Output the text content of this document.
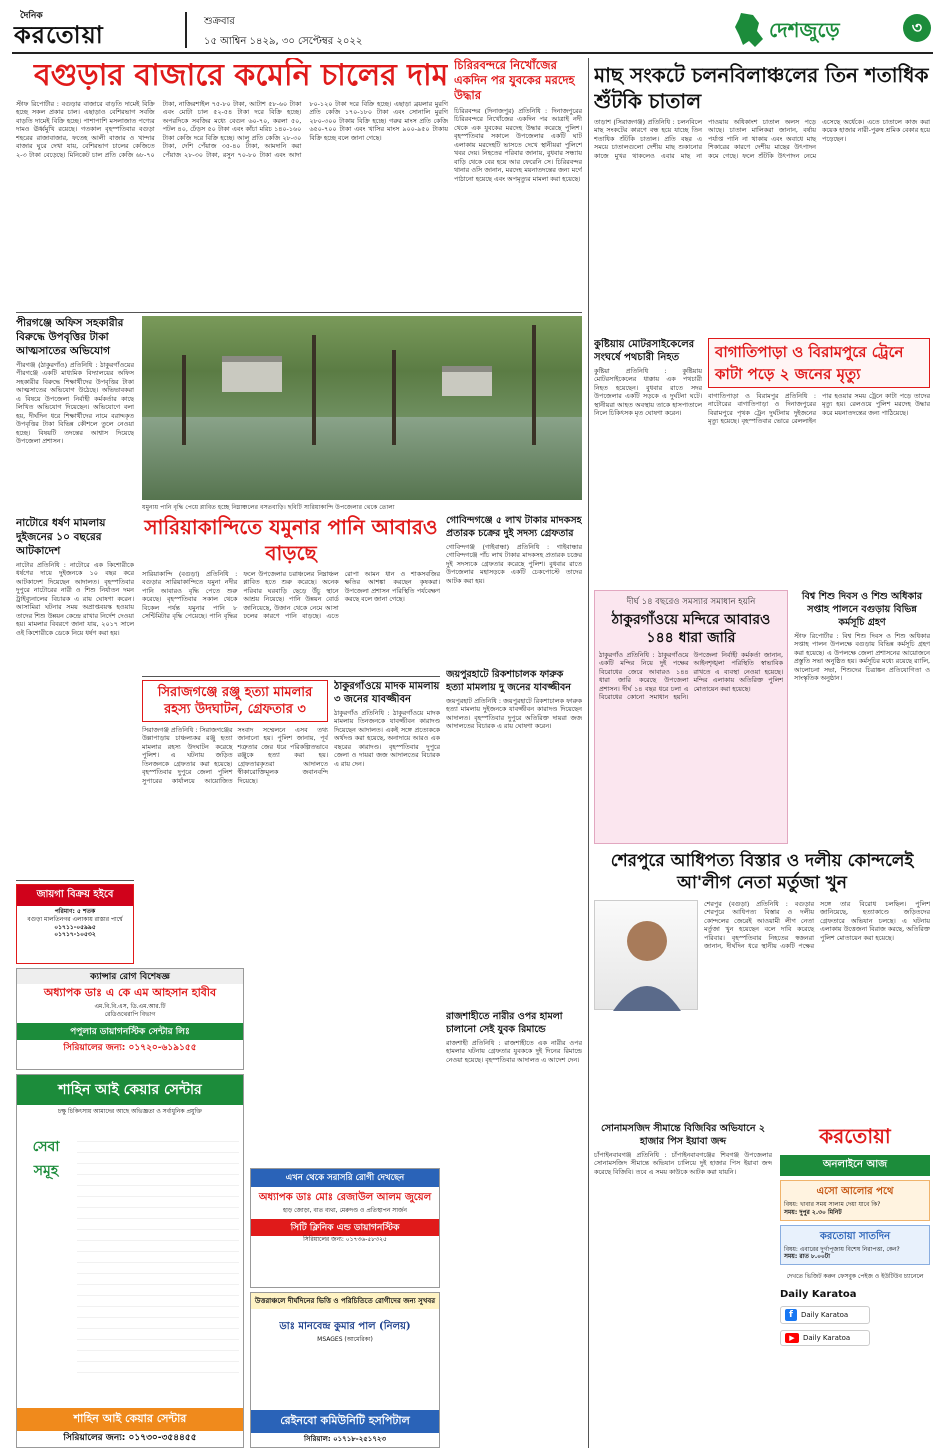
দৈনিক
করতোয়া	শুক্রবার
১৫ আশ্বিন ১৪২৯, ৩০ সেপ্টেম্বর ২০২২	দেশজুড়ে	৩
বগুড়ার বাজারে কমেনি চালের দাম
স্টাফ রিপোর্টার : বগুড়ার বাজারে বাড়তি দামেই বিক্রি হচ্ছে সকল প্রকার চাল। এছাড়াও বেশিরভাগ সবজি বাড়তি দামেই বিক্রি হচ্ছে। পাশাপাশি মসলাজাত পণ্যের দামও ঊর্ধ্বমুখি রয়েছে। গতকাল বৃহস্পতিবার বগুড়া শহরের রাজাবাজার, ফতেহ আলী বাজার ও খান্দার বাজার ঘুরে দেখা যায়, বেশিরভাগ চালের কেজিতে ২-৩ টাকা বেড়েছে। মিনিকেট চাল প্রতি কেজি ৬৮-৭০ টাকা, নাজিরশাইল ৭৫-৮০ টাকা, আটাশ ৫৮-৬০ টাকা এবং মোটা চাল ৫২-৫৪ টাকা দরে বিক্রি হচ্ছে। অপরদিকে সবজির মধ্যে বেগুন ৬০-৭০, করলা ৫০, পটল ৪০, ঢেঁড়স ৫০ টাকা এবং কাঁচা মরিচ ১৪০-১৬০ টাকা কেজি দরে বিক্রি হচ্ছে। আলু প্রতি কেজি ২৮-৩০ টাকা, দেশি পেঁয়াজ ৩৫-৪০ টাকা, আমদানি করা পেঁয়াজ ২৮-৩০ টাকা, রসুন ৭০-৮০ টাকা এবং আদা ৮০-১২০ টাকা দরে বিক্রি হচ্ছে। এছাড়া ব্রয়লার মুরগি প্রতি কেজি ১৭০-১৮০ টাকা এবং সোনালি মুরগি ২৮০-৩০০ টাকায় বিক্রি হচ্ছে। গরুর মাংস প্রতি কেজি ৬৫০-৭০০ টাকা এবং খাসির মাংস ৯০০-৯৫০ টাকায় বিক্রি হচ্ছে বলে জানা গেছে।
চিরিরবন্দরে নিখোঁজের একদিন পর যুবকের মরদেহ উদ্ধার
চিরিরবন্দর (দিনাজপুর) প্রতিনিধি : দিনাজপুরের চিরিরবন্দরে নিখোঁজের একদিন পর আত্রাই নদী থেকে এক যুবকের মরদেহ উদ্ধার করেছে পুলিশ। বৃহস্পতিবার সকালে উপজেলার একটি ঘাট এলাকায় মরদেহটি ভাসতে দেখে স্থানীয়রা পুলিশে খবর দেয়। নিহতের পরিবার জানায়, বুধবার সন্ধ্যায় বাড়ি থেকে বের হয়ে আর ফেরেনি সে। চিরিরবন্দর থানার ওসি জানান, মরদেহ ময়নাতদন্তের জন্য মর্গে পাঠানো হয়েছে এবং অপমৃত্যুর মামলা করা হয়েছে।
মাছ সংকটে চলনবিলাঞ্চলের তিন শতাধিক শুঁটকি চাতাল
তাড়াশ (সিরাজগঞ্জ) প্রতিনিধি : চলনবিলে মাছ সংকটের কারণে বন্ধ হয়ে যাচ্ছে তিন শতাধিক শুঁটকি চাতাল। প্রতি বছর এ সময়ে চাতালগুলো দেশীয় মাছ শুকানোর কাজে মুখর থাকলেও এবার মাছ না পাওয়ায় অধিকাংশ চাতাল অলস পড়ে আছে। চাতাল মালিকরা জানান, বর্ষায় পর্যাপ্ত পানি না থাকায় এবং অবাধে মাছ শিকারের কারণে দেশীয় মাছের উৎপাদন কমে গেছে। ফলে শুঁটকি উৎপাদন নেমে এসেছে অর্ধেকে। এতে চাতালে কাজ করা কয়েক হাজার নারী-পুরুষ শ্রমিক বেকার হয়ে পড়েছেন।
পীরগঞ্জে অফিস সহকারীর বিরুদ্ধে উপবৃত্তির টাকা আত্মসাতের অভিযোগ
পীরগঞ্জ (ঠাকুরগাঁও) প্রতিনিধি : ঠাকুরগাঁওয়ের পীরগঞ্জে একটি মাধ্যমিক বিদ্যালয়ের অফিস সহকারীর বিরুদ্ধে শিক্ষার্থীদের উপবৃত্তির টাকা আত্মসাতের অভিযোগ উঠেছে। অভিভাবকরা এ বিষয়ে উপজেলা নির্বাহী কর্মকর্তার কাছে লিখিত অভিযোগ দিয়েছেন। অভিযোগে বলা হয়, দীর্ঘদিন ধরে শিক্ষার্থীদের নামে বরাদ্দকৃত উপবৃত্তির টাকা বিভিন্ন কৌশলে তুলে নেওয়া হচ্ছে। বিষয়টি তদন্তের আশ্বাস দিয়েছে উপজেলা প্রশাসন।
যমুনায় পানি বৃদ্ধি পেয়ে প্লাবিত হচ্ছে নিম্নাঞ্চলের বসতবাড়ি। ছবিটি সারিয়াকান্দি উপজেলার থেকে তোলা
কুষ্টিয়ায় মোটরসাইকেলের সংঘর্ষে পথচারী নিহত
কুষ্টিয়া প্রতিনিধি : কুষ্টিয়ায় মোটরসাইকেলের ধাক্কায় এক পথচারী নিহত হয়েছেন। বুধবার রাতে সদর উপজেলার একটি সড়কে এ দুর্ঘটনা ঘটে। স্থানীয়রা আহত অবস্থায় তাকে হাসপাতালে নিলে চিকিৎসক মৃত ঘোষণা করেন।
বাগাতিপাড়া ও বিরামপুরে ট্রেনে কাটা পড়ে ২ জনের মৃত্যু
বাগাতিপাড়া ও বিরামপুর প্রতিনিধি : নাটোরের বাগাতিপাড়া ও দিনাজপুরের বিরামপুরে পৃথক ট্রেন দুর্ঘটনায় দুইজনের মৃত্যু হয়েছে। বৃহস্পতিবার ভোরে রেললাইন পার হওয়ার সময় ট্রেনে কাটা পড়ে তাদের মৃত্যু হয়। রেলওয়ে পুলিশ মরদেহ উদ্ধার করে ময়নাতদন্তের জন্য পাঠিয়েছে।
নাটোরে ধর্ষণ মামলায় দুইজনের ১০ বছরের আটকাদেশ
নাটোর প্রতিনিধি : নাটোরে এক কিশোরীকে ধর্ষণের দায়ে দুইজনকে ১০ বছর করে আটকাদেশ দিয়েছেন আদালত। বৃহস্পতিবার দুপুরে নাটোরের নারী ও শিশু নির্যাতন দমন ট্রাইব্যুনালের বিচারক এ রায় ঘোষণা করেন। আসামিরা ঘটনার সময় অপ্রাপ্তবয়স্ক হওয়ায় তাদের শিশু উন্নয়ন কেন্দ্রে রাখার নির্দেশ দেওয়া হয়। মামলার বিবরণে জানা যায়, ২০১৭ সালে ওই কিশোরীকে ডেকে নিয়ে ধর্ষণ করা হয়।
সারিয়াকান্দিতে যমুনার পানি আবারও বাড়ছে
সারিয়াকান্দি (বগুড়া) প্রতিনিধি : বগুড়ার সারিয়াকান্দিতে যমুনা নদীর পানি আবারও বৃদ্ধি পেতে শুরু করেছে। বৃহস্পতিবার সকাল থেকে বিকেল পর্যন্ত যমুনার পানি ৮ সেন্টিমিটার বৃদ্ধি পেয়েছে। পানি বৃদ্ধির ফলে উপজেলার চরাঞ্চলের নিম্নাঞ্চল প্লাবিত হতে শুরু করেছে। অনেক পরিবার ঘরবাড়ি ছেড়ে উঁচু স্থানে আশ্রয় নিয়েছে। পানি উন্নয়ন বোর্ড জানিয়েছে, উজান থেকে নেমে আসা ঢলের কারণে পানি বাড়ছে। এতে রোপা আমন ধান ও শাকসবজির ক্ষতির আশঙ্কা করছেন কৃষকরা। উপজেলা প্রশাসন পরিস্থিতি পর্যবেক্ষণ করছে বলে জানা গেছে।
গোবিন্দগঞ্জে ৫ লাখ টাকার মাদকসহ প্রতারক চক্রের দুই সদস্য গ্রেফতার
গোবিন্দগঞ্জ (গাইবান্ধা) প্রতিনিধি : গাইবান্ধার গোবিন্দগঞ্জে পাঁচ লাখ টাকার মাদকসহ প্রতারক চক্রের দুই সদস্যকে গ্রেফতার করেছে পুলিশ। বুধবার রাতে উপজেলার মহাসড়কে একটি চেকপোস্টে তাদের আটক করা হয়।
দীর্ঘ ১৪ বছরেও সমস্যার সমাধান হয়নি
ঠাকুরগাঁওয়ে মন্দিরে আবারও ১৪৪ ধারা জারি
ঠাকুরগাঁও প্রতিনিধি : ঠাকুরগাঁওয়ে একটি মন্দির নিয়ে দুই পক্ষের বিরোধের জেরে আবারও ১৪৪ ধারা জারি করেছে উপজেলা প্রশাসন। দীর্ঘ ১৪ বছর ধরে চলা এ বিরোধের কোনো সমাধান হয়নি। উপজেলা নির্বাহী কর্মকর্তা জানান, আইনশৃঙ্খলা পরিস্থিতি স্বাভাবিক রাখতে এ ব্যবস্থা নেওয়া হয়েছে। মন্দির এলাকায় অতিরিক্ত পুলিশ মোতায়েন করা হয়েছে।
বিশ্ব শিশু দিবস ও শিশু অধিকার সপ্তাহ পালনে বগুড়ায় বিভিন্ন কর্মসূচি গ্রহণ
স্টাফ রিপোর্টার : বিশ্ব শিশু দিবস ও শিশু অধিকার সপ্তাহ পালন উপলক্ষে বগুড়ায় বিভিন্ন কর্মসূচি গ্রহণ করা হয়েছে। এ উপলক্ষে জেলা প্রশাসনের আয়োজনে প্রস্তুতি সভা অনুষ্ঠিত হয়। কর্মসূচির মধ্যে রয়েছে র‌্যালি, আলোচনা সভা, শিশুদের চিত্রাঙ্কন প্রতিযোগিতা ও সাংস্কৃতিক অনুষ্ঠান।
সিরাজগঞ্জে রঞ্জু হত্যা মামলার রহস্য উদঘাটন, গ্রেফতার ৩
সিরাজগঞ্জ প্রতিনিধি : সিরাজগঞ্জের উল্লাপাড়ায় চাঞ্চল্যকর রঞ্জু হত্যা মামলার রহস্য উদঘাটন করেছে পুলিশ। এ ঘটনায় জড়িত তিনজনকে গ্রেফতার করা হয়েছে। বৃহস্পতিবার দুপুরে জেলা পুলিশ সুপারের কার্যালয়ে আয়োজিত সংবাদ সম্মেলনে এসব তথ্য জানানো হয়। পুলিশ জানায়, পূর্ব শত্রুতার জের ধরে পরিকল্পিতভাবে রঞ্জুকে হত্যা করা হয়। গ্রেফতারকৃতরা আদালতে স্বীকারোক্তিমূলক জবানবন্দি দিয়েছে।
ঠাকুরগাঁওয়ে মাদক মামলায় ৩ জনের যাবজ্জীবন
ঠাকুরগাঁও প্রতিনিধি : ঠাকুরগাঁওয়ে মাদক মামলায় তিনজনকে যাবজ্জীবন কারাদণ্ড দিয়েছেন আদালত। একই সঙ্গে প্রত্যেককে অর্থদণ্ড করা হয়েছে, অনাদায়ে আরও এক বছরের কারাদণ্ড। বৃহস্পতিবার দুপুরে জেলা ও দায়রা জজ আদালতের বিচারক এ রায় দেন।
জয়পুরহাটে রিকশাচালক ফারুক হত্যা মামলায় দু জনের যাবজ্জীবন
জয়পুরহাট প্রতিনিধি : জয়পুরহাটে রিকশাচালক ফারুক হত্যা মামলায় দুইজনকে যাবজ্জীবন কারাদণ্ড দিয়েছেন আদালত। বৃহস্পতিবার দুপুরে অতিরিক্ত দায়রা জজ আদালতের বিচারক এ রায় ঘোষণা করেন।
শেরপুরে আধিপত্য বিস্তার ও দলীয় কোন্দলেই আ'লীগ নেতা মর্তুজা খুন
শেরপুর (বগুড়া) প্রতিনিধি : বগুড়ার শেরপুরে আধিপত্য বিস্তার ও দলীয় কোন্দলের জেরেই আওয়ামী লীগ নেতা মর্তুজা খুন হয়েছেন বলে দাবি করেছে পরিবার। বৃহস্পতিবার নিহতের স্বজনরা জানান, দীর্ঘদিন ধরে স্থানীয় একটি পক্ষের সঙ্গে তার বিরোধ চলছিল। পুলিশ জানিয়েছে, হত্যাকাণ্ডে জড়িতদের গ্রেফতারে অভিযান চলছে। এ ঘটনায় এলাকায় উত্তেজনা বিরাজ করছে, অতিরিক্ত পুলিশ মোতায়েন করা হয়েছে।
জায়গা বিক্রয় হইবে
পরিমাণ: ৫ শতক
বগুড়া মালতিনগর এলাকায় রাস্তার পার্শ্বে
০১৭১১-০৫৯৯৫
০১৭১৭-১০৫৩২
রাজশাহীতে নারীর ওপর হামলা চালানো সেই যুবক রিমান্ডে
রাজশাহী প্রতিনিধি : রাজশাহীতে এক নারীর ওপর হামলার ঘটনায় গ্রেফতার যুবককে দুই দিনের রিমান্ডে নেওয়া হয়েছে। বৃহস্পতিবার আদালত এ আদেশ দেন।
সোনামসজিদ সীমান্তে বিজিবির অভিযানে ২ হাজার পিস ইয়াবা জব্দ
চাঁপাইনবাবগঞ্জ প্রতিনিধি : চাঁপাইনবাবগঞ্জের শিবগঞ্জ উপজেলার সোনামসজিদ সীমান্তে অভিযান চালিয়ে দুই হাজার পিস ইয়াবা জব্দ করেছে বিজিবি। তবে এ সময় কাউকে আটক করা যায়নি।
ক্যান্সার রোগ বিশেষজ্ঞ
অধ্যাপক ডাঃ এ কে এম আহসান হাবীব
এম.বি.বি.এস, ডি.এম.আর.টি
রেডিওথেরাপি বিভাগ
পপুলার ডায়াগনস্টিক সেন্টার লিঃ
সিরিয়ালের জন্য: ০১৭২০-৬১৯১৫৫
শাহিন আই কেয়ার সেন্টার
চক্ষু চিকিৎসায় আমাদের আছে অভিজ্ঞতা ও সর্বাধুনিক প্রযুক্তি
সেবা সমূহ
শাহিন আই কেয়ার সেন্টার
সিরিয়ালের জন্য: ০১৭৩০-৩৫৪৪৫৫
এখন থেকে সরাসরি রোগী দেখছেন
অধ্যাপক ডাঃ মোঃ রেজাউল আলম জুয়েল
হাড় জোড়া, বাত ব্যথা, মেরুদণ্ড ও প্রতিস্থাপন সার্জন
সিটি ক্লিনিক এন্ড ডায়াগনস্টিক
সিরিয়ালের জন্য: ০১৭৩৬-৫৮৩২৫
উত্তরাঞ্চলে দীর্ঘদিনের ভিত্তি ও পরিচিতিতে রোগীদের জন্য সুখবর
ডাঃ মানবেন্দ্র কুমার পাল (নিলয়)
MSAGES (আমেরিকা)
রেইনবো কমিউনিটি হসপিটাল
সিরিয়াল: ০১৭১৮-২৫১৭২৩
করতোয়া
অনলাইনে আজ
এসো আলোর পথে
বিষয়: খাবার সময় সালাম দেয়া যাবে কি?
সময়: দুপুর ২.৩০ মিনিট
করতোয়া সাতদিন
বিষয়: এবারের দুর্গাপূজায় বিশেষ নিরাপত্তা, কেন?
সময়: রাত ৮.০০টা
দেখতে ভিজিট করুন ফেসবুক পেইজ ও ইউটিউব চ্যানেলে
Daily Karatoa
f	Daily Karatoa
▶	Daily Karatoa
